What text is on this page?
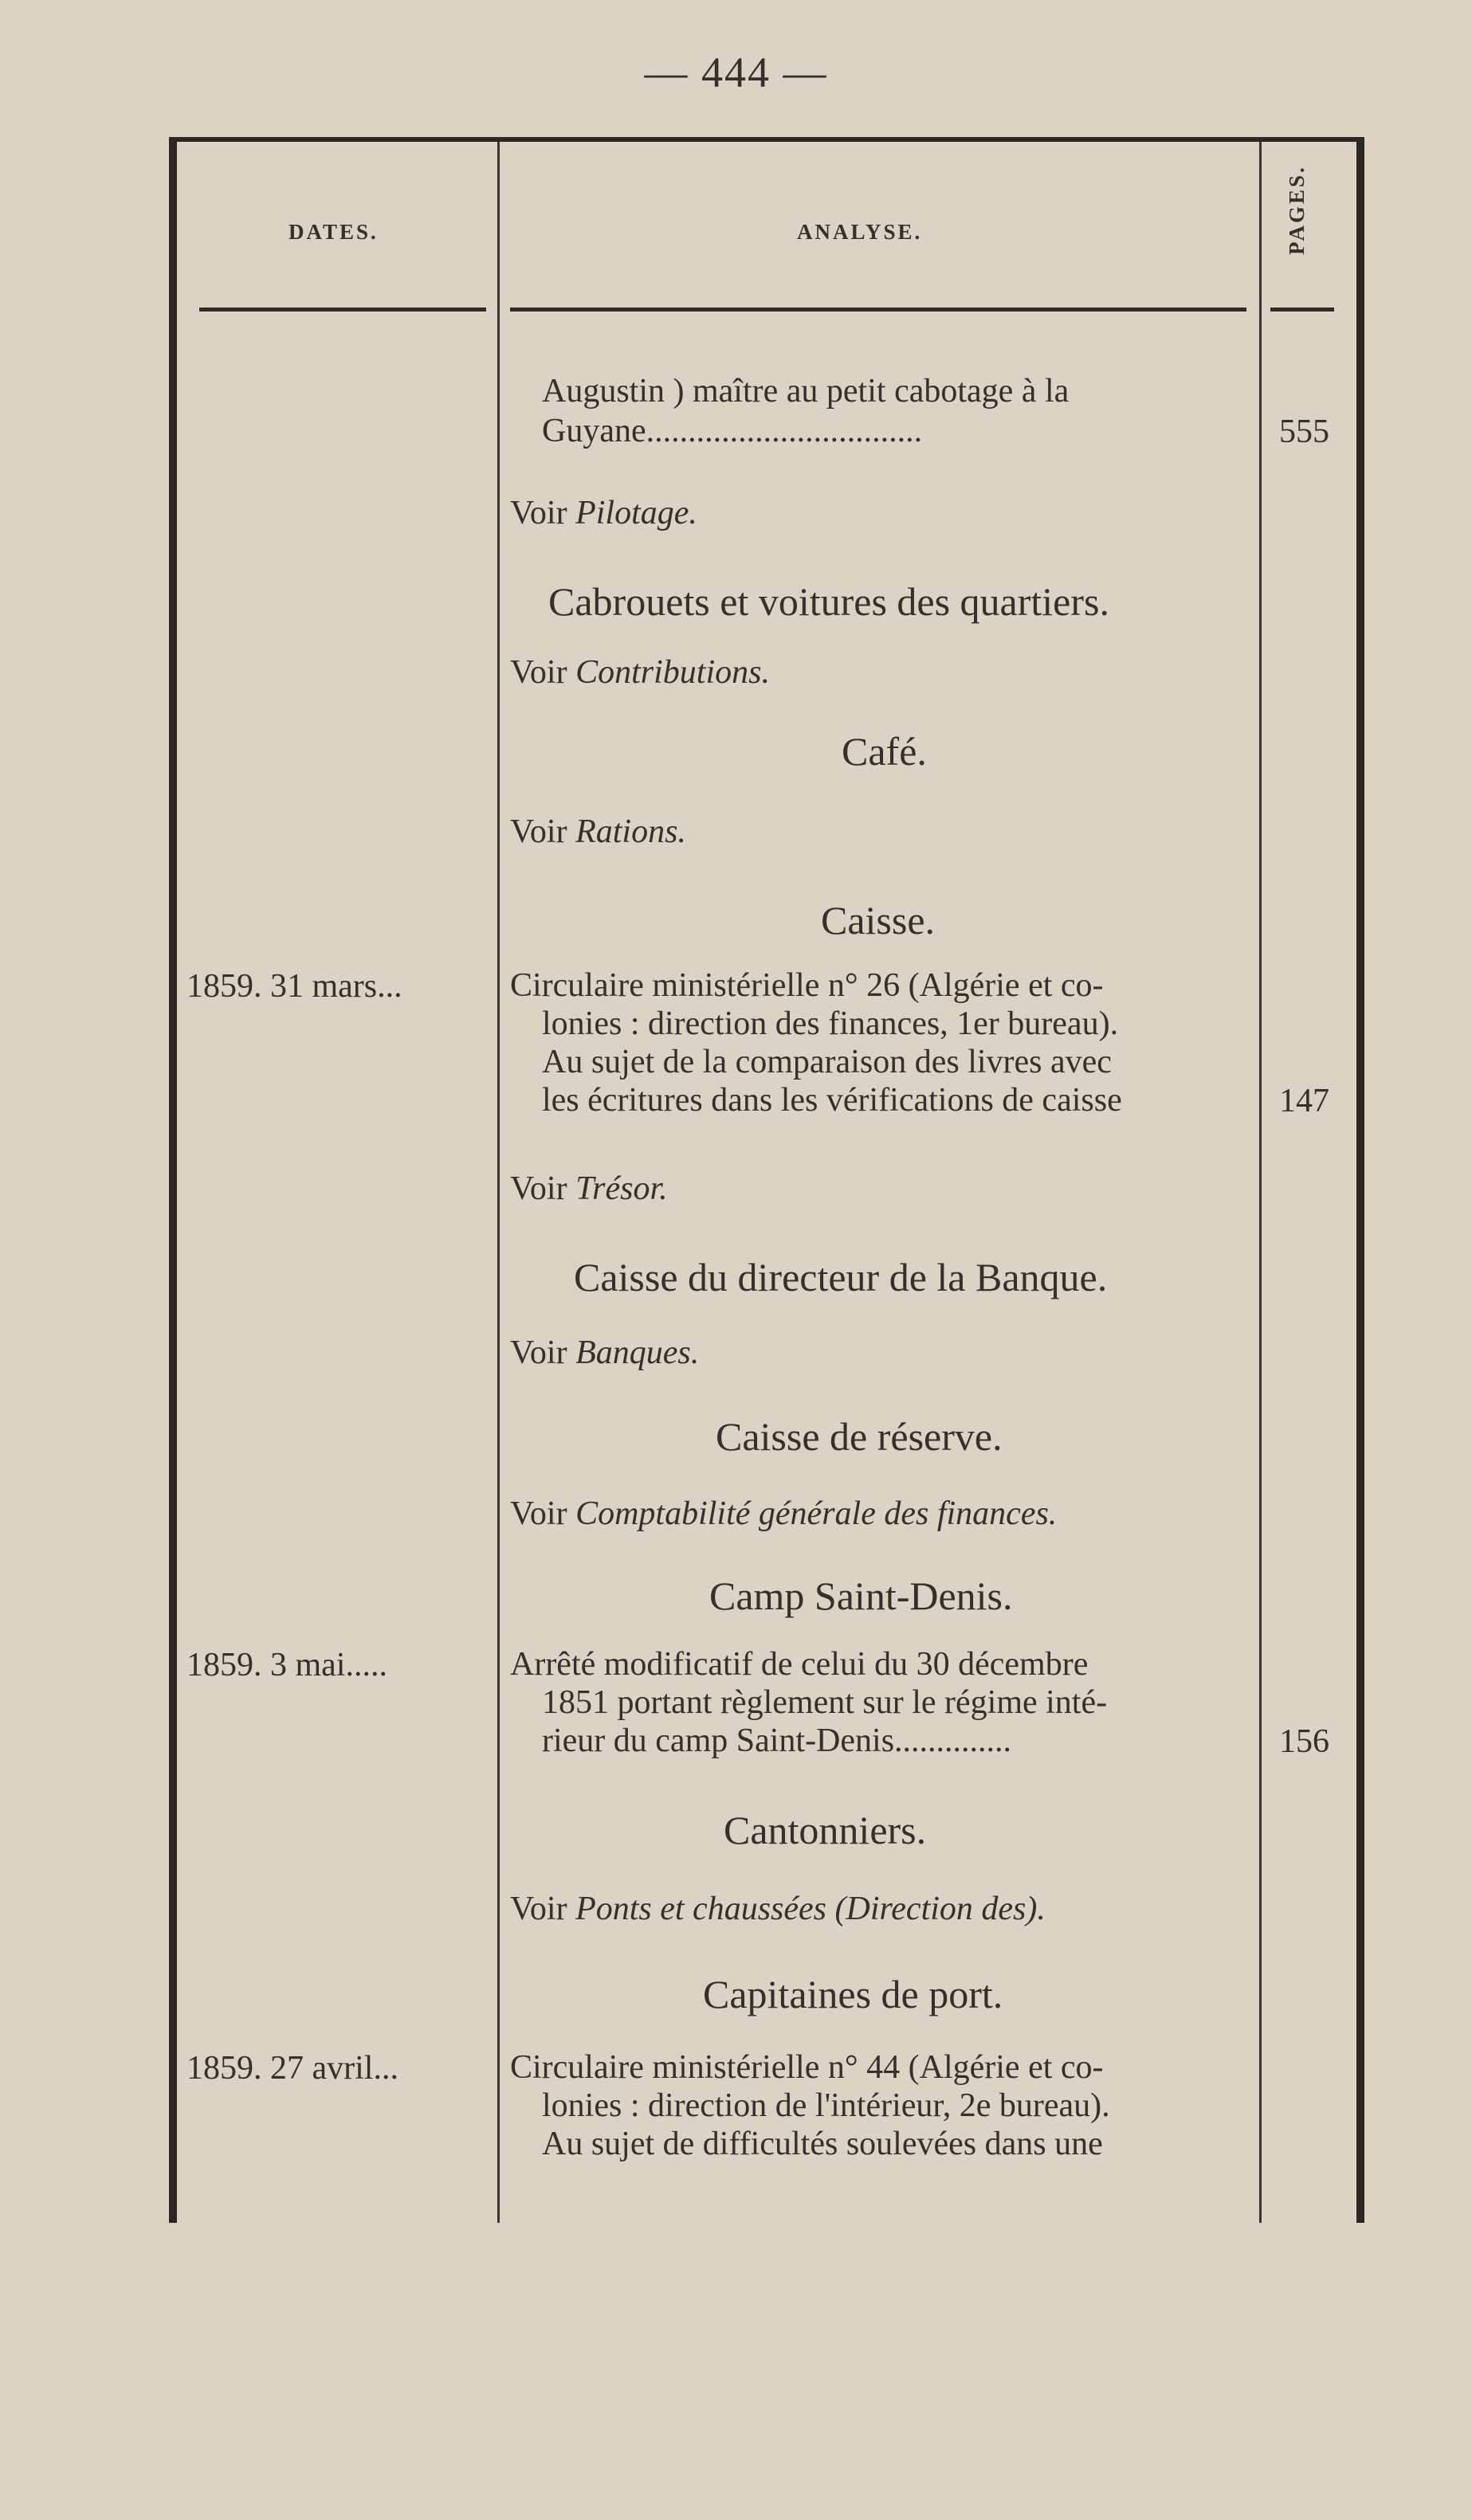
— 444 —
DATES.	ANALYSE.	PAGES.
Augustin ) maître au petit cabotage à la
Guyane.................................	555
Voir Pilotage.
Cabrouets et voitures des quartiers.
Voir Contributions.
Café.
Voir Rations.
Caisse.
1859. 31 mars...	Circulaire ministérielle n° 26 (Algérie et co-
lonies : direction des finances, 1er bureau).
Au sujet de la comparaison des livres avec
les écritures dans les vérifications de caisse	147
Voir Trésor.
Caisse du directeur de la Banque.
Voir Banques.
Caisse de réserve.
Voir Comptabilité générale des finances.
Camp Saint-Denis.
1859. 3 mai.....	Arrêté modificatif de celui du 30 décembre
1851 portant règlement sur le régime inté-
rieur du camp Saint-Denis..............	156
Cantonniers.
Voir Ponts et chaussées (Direction des).
Capitaines de port.
1859. 27 avril...	Circulaire ministérielle n° 44 (Algérie et co-
lonies : direction de l'intérieur, 2e bureau).
Au sujet de difficultés soulevées dans une
